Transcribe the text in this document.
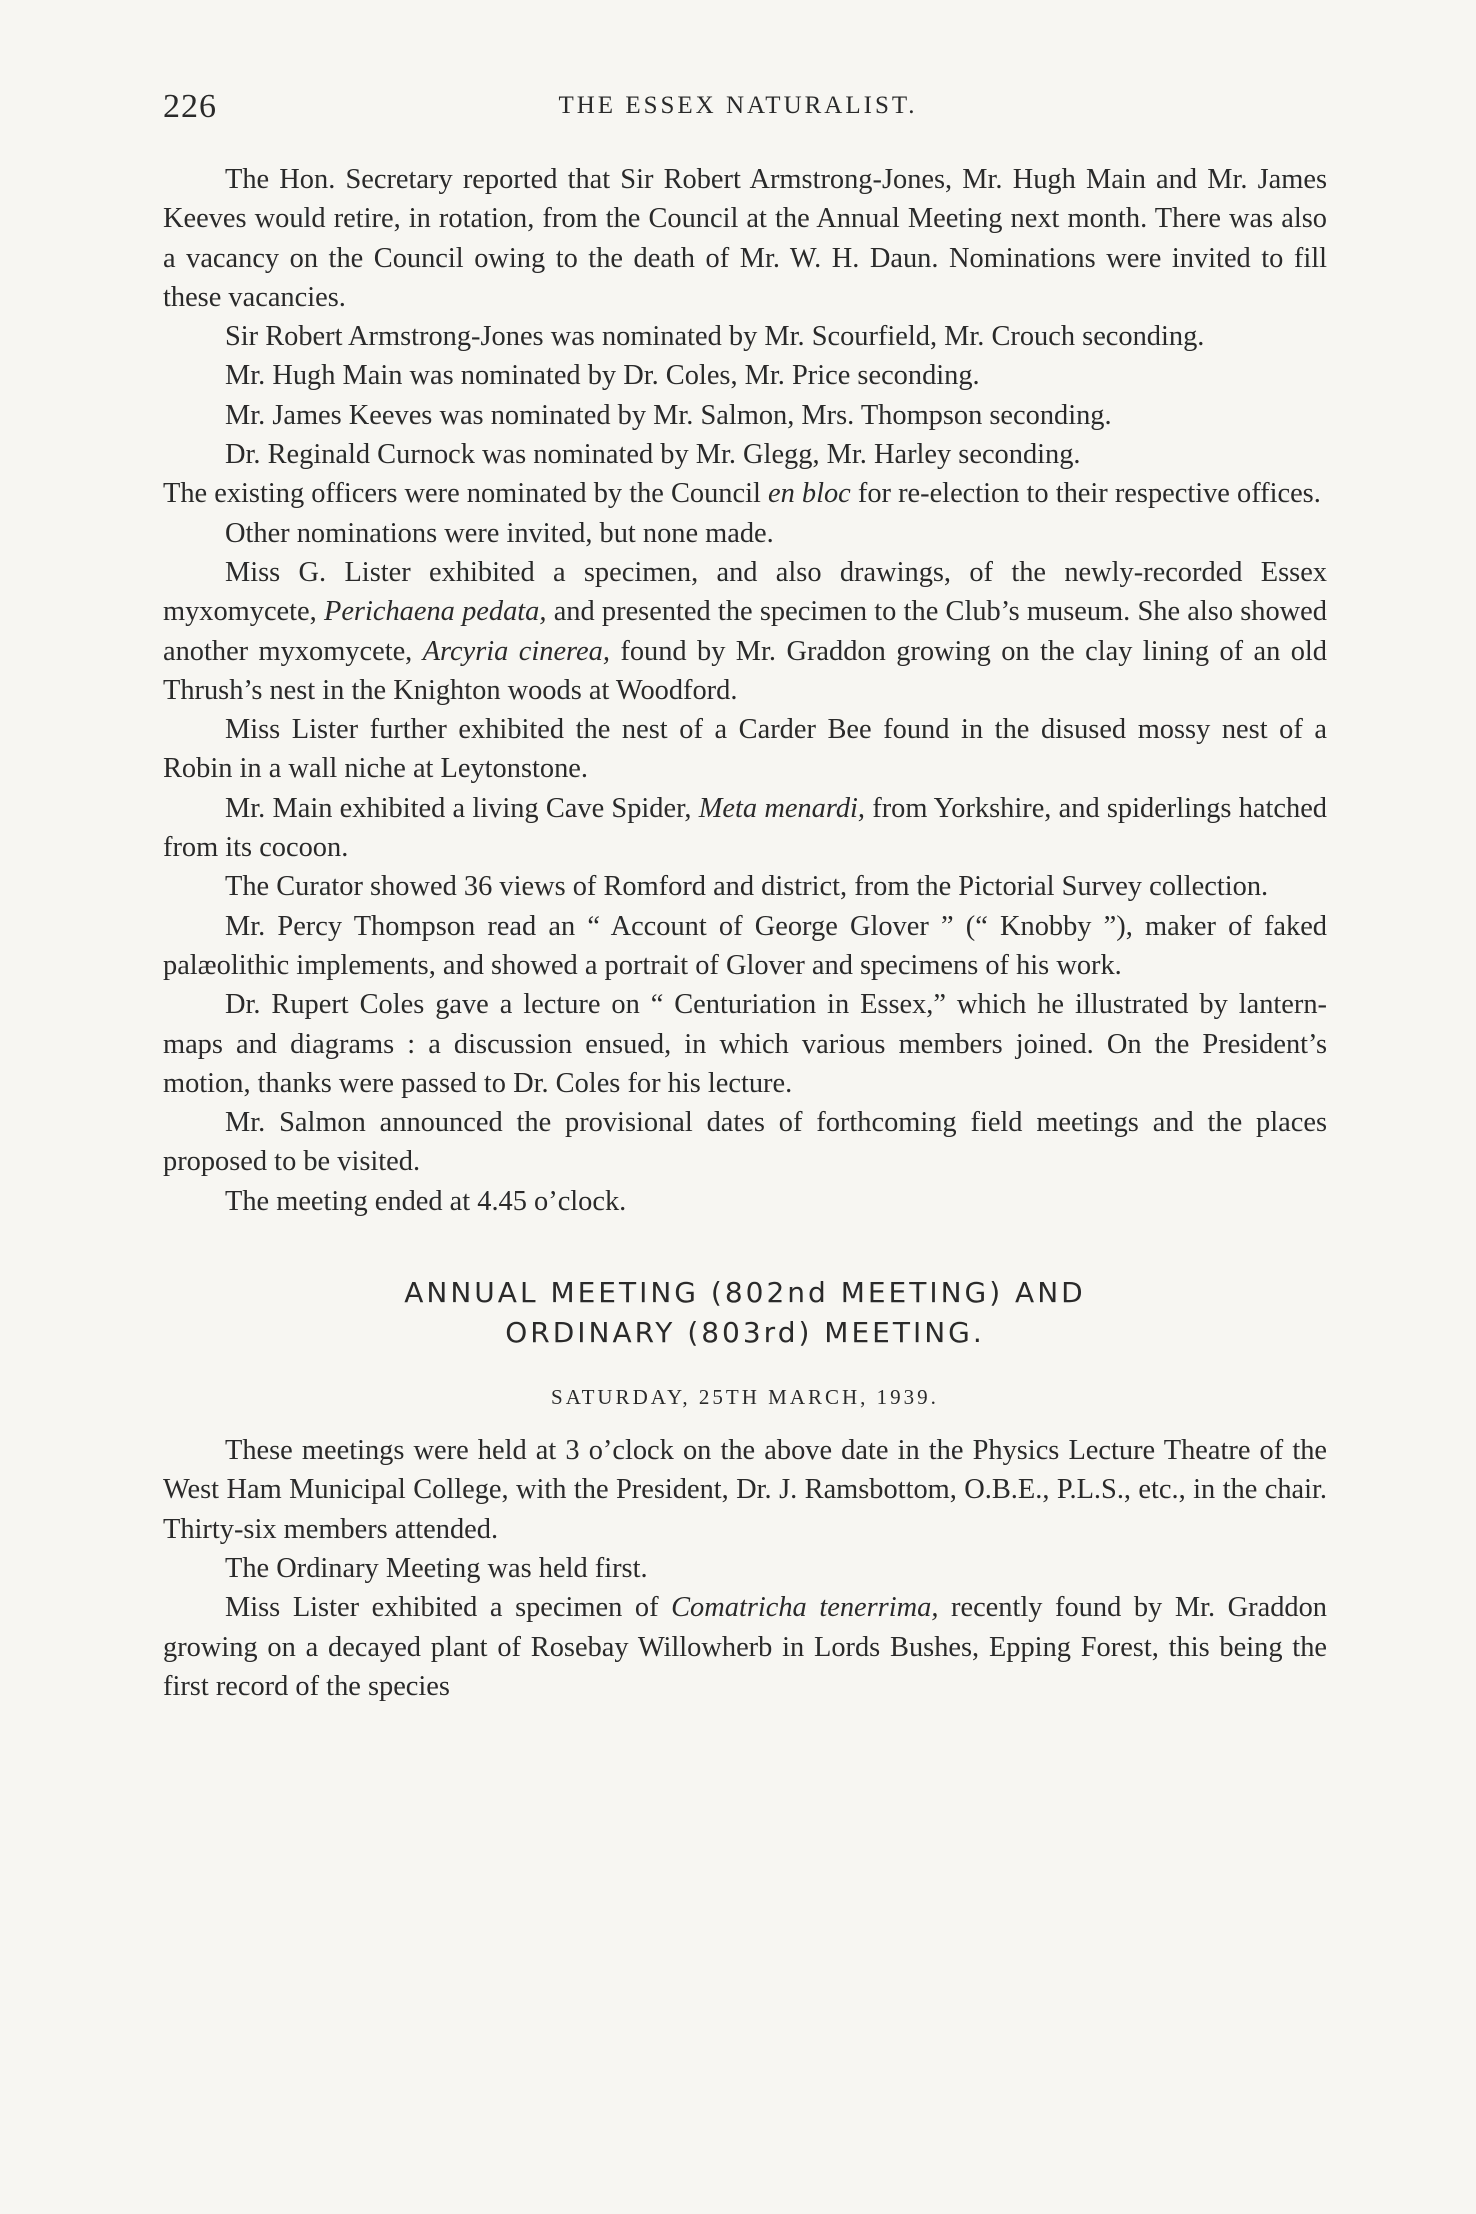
226	THE ESSEX NATURALIST.

The Hon. Secretary reported that Sir Robert Armstrong-Jones, Mr. Hugh Main and Mr. James Keeves would retire, in rotation, from the Council at the Annual Meeting next month. There was also a vacancy on the Council owing to the death of Mr. W. H. Daun. Nominations were invited to fill these vacancies.

Sir Robert Armstrong-Jones was nominated by Mr. Scourfield, Mr. Crouch seconding.

Mr. Hugh Main was nominated by Dr. Coles, Mr. Price seconding.

Mr. James Keeves was nominated by Mr. Salmon, Mrs. Thompson seconding.

Dr. Reginald Curnock was nominated by Mr. Glegg, Mr. Harley seconding.

The existing officers were nominated by the Council en bloc for re-election to their respective offices.

Other nominations were invited, but none made.

Miss G. Lister exhibited a specimen, and also drawings, of the newly-recorded Essex myxomycete, Perichaena pedata, and presented the specimen to the Club’s museum. She also showed another myxomycete, Arcyria cinerea, found by Mr. Graddon growing on the clay lining of an old Thrush’s nest in the Knighton woods at Woodford.

Miss Lister further exhibited the nest of a Carder Bee found in the disused mossy nest of a Robin in a wall niche at Leytonstone.

Mr. Main exhibited a living Cave Spider, Meta menardi, from Yorkshire, and spiderlings hatched from its cocoon.

The Curator showed 36 views of Romford and district, from the Pictorial Survey collection.

Mr. Percy Thompson read an “ Account of George Glover ” (“ Knobby ”), maker of faked palæolithic implements, and showed a portrait of Glover and specimens of his work.

Dr. Rupert Coles gave a lecture on “ Centuriation in Essex,” which he illustrated by lantern-maps and diagrams : a discussion ensued, in which various members joined. On the President’s motion, thanks were passed to Dr. Coles for his lecture.

Mr. Salmon announced the provisional dates of forthcoming field meetings and the places proposed to be visited.

The meeting ended at 4.45 o’clock.

ANNUAL MEETING (802nd MEETING) AND
ORDINARY (803rd) MEETING.
SATURDAY, 25TH MARCH, 1939.

These meetings were held at 3 o’clock on the above date in the Physics Lecture Theatre of the West Ham Municipal College, with the President, Dr. J. Ramsbottom, O.B.E., P.L.S., etc., in the chair. Thirty-six members attended.

The Ordinary Meeting was held first.

Miss Lister exhibited a specimen of Comatricha tenerrima, recently found by Mr. Graddon growing on a decayed plant of Rosebay Willowherb in Lords Bushes, Epping Forest, this being the first record of the species
